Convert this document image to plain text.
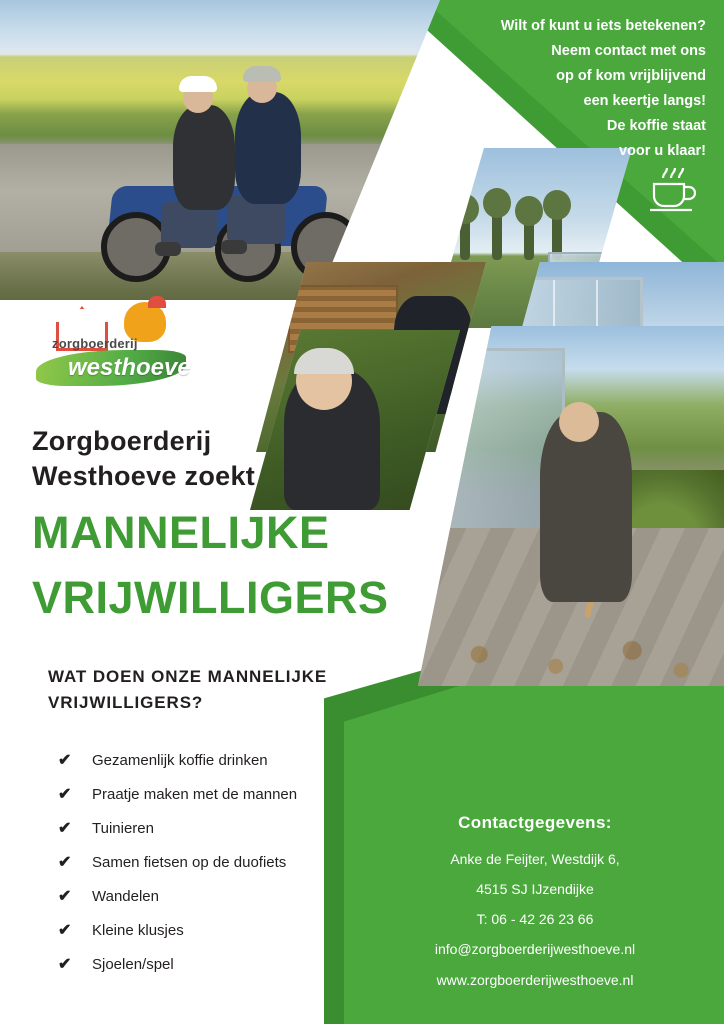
Wilt of kunt u iets betekenen?
Neem contact met ons
op of kom vrijblijvend
een keertje langs!
De koffie staat
voor u klaar!
zorgboerderij
westhoeve
Zorgboerderij
Westhoeve zoekt
MANNELIJKE
VRIJWILLIGERS
WAT DOEN ONZE MANNELIJKE
VRIJWILLIGERS?
✔	Gezamenlijk koffie drinken
✔	Praatje maken met de mannen
✔	Tuinieren
✔	Samen fietsen op de duofiets
✔	Wandelen
✔	Kleine klusjes
✔	Sjoelen/spel
Contactgegevens:

Anke de Feijter, Westdijk 6,

4515 SJ IJzendijke

T: 06 - 42 26 23 66

info@zorgboerderijwesthoeve.nl

www.zorgboerderijwesthoeve.nl
